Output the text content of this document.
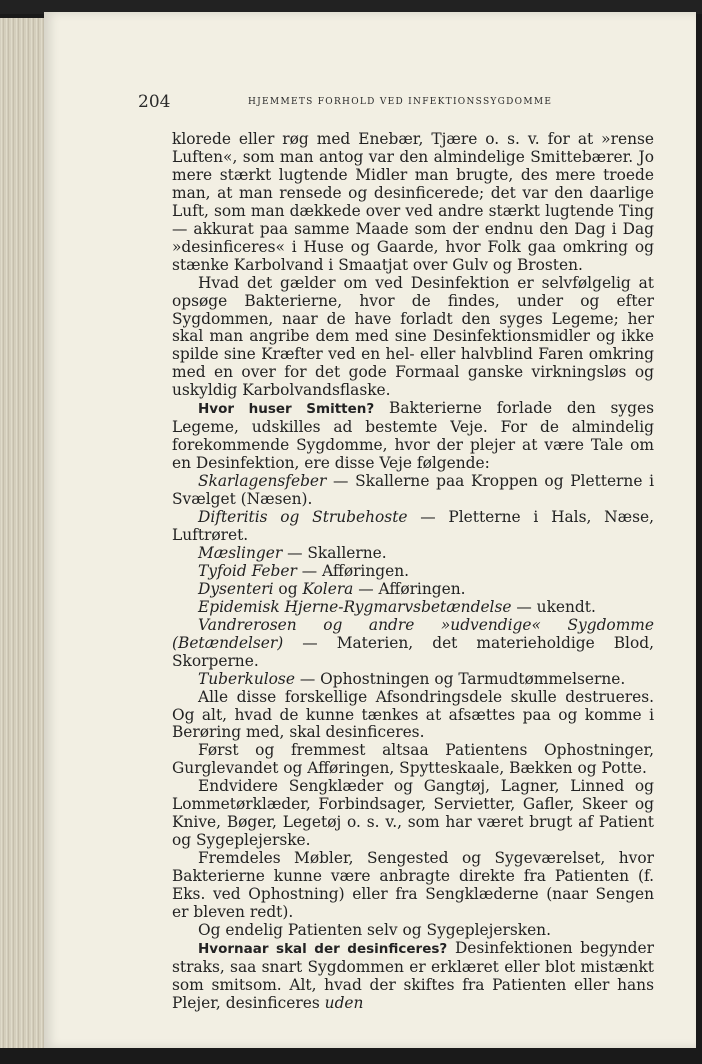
204	HJEMMETS FORHOLD VED INFEKTIONSSYGDOMME

klorede eller røg med Enebær, Tjære o. s. v. for at »rense Luften«, som man antog var den almindelige Smittebærer. Jo mere stærkt lugtende Midler man brugte, des mere troede man, at man rensede og desinficerede; det var den daarlige Luft, som man dækkede over ved andre stærkt lugtende Ting — akkurat paa samme Maade som der endnu den Dag i Dag »desinficeres« i Huse og Gaarde, hvor Folk gaa omkring og stænke Karbolvand i Smaatjat over Gulv og Brosten.

Hvad det gælder om ved Desinfektion er selvfølgelig at opsøge Bakterierne, hvor de findes, under og efter Sygdommen, naar de have forladt den syges Legeme; her skal man angribe dem med sine Desinfektionsmidler og ikke spilde sine Kræfter ved en hel- eller halvblind Faren omkring med en over for det gode Formaal ganske virkningsløs og uskyldig Karbolvandsflaske.

Hvor huser Smitten? Bakterierne forlade den syges Legeme, udskilles ad bestemte Veje. For de almindelig forekommende Sygdomme, hvor der plejer at være Tale om en Desinfektion, ere disse Veje følgende:

Skarlagensfeber — Skallerne paa Kroppen og Pletterne i Svælget (Næsen).

Difteritis og Strubehoste — Pletterne i Hals, Næse, Luftrøret.

Mæslinger — Skallerne.

Tyfoid Feber — Afføringen.

Dysenteri og Kolera — Afføringen.

Epidemisk Hjerne-Rygmarvsbetændelse — ukendt.

Vandrerosen og andre »udvendige« Sygdomme (Betændelser) — Materien, det materieholdige Blod, Skorperne.

Tuberkulose — Ophostningen og Tarmudtømmelserne.

Alle disse forskellige Afsondringsdele skulle destrueres. Og alt, hvad de kunne tænkes at afsættes paa og komme i Berøring med, skal desinficeres.

Først og fremmest altsaa Patientens Ophostninger, Gurglevandet og Afføringen, Spytteskaale, Bækken og Potte.

Endvidere Sengklæder og Gangtøj, Lagner, Linned og Lommetørklæder, Forbindsager, Servietter, Gafler, Skeer og Knive, Bøger, Legetøj o. s. v., som har været brugt af Patient og Sygeplejerske.

Fremdeles Møbler, Sengested og Sygeværelset, hvor Bakterierne kunne være anbragte direkte fra Patienten (f. Eks. ved Ophostning) eller fra Sengklæderne (naar Sengen er bleven redt).

Og endelig Patienten selv og Sygeplejersken.

Hvornaar skal der desinficeres? Desinfektionen begynder straks, saa snart Sygdommen er erklæret eller blot mistænkt som smitsom. Alt, hvad der skiftes fra Patienten eller hans Plejer, desinficeres uden
